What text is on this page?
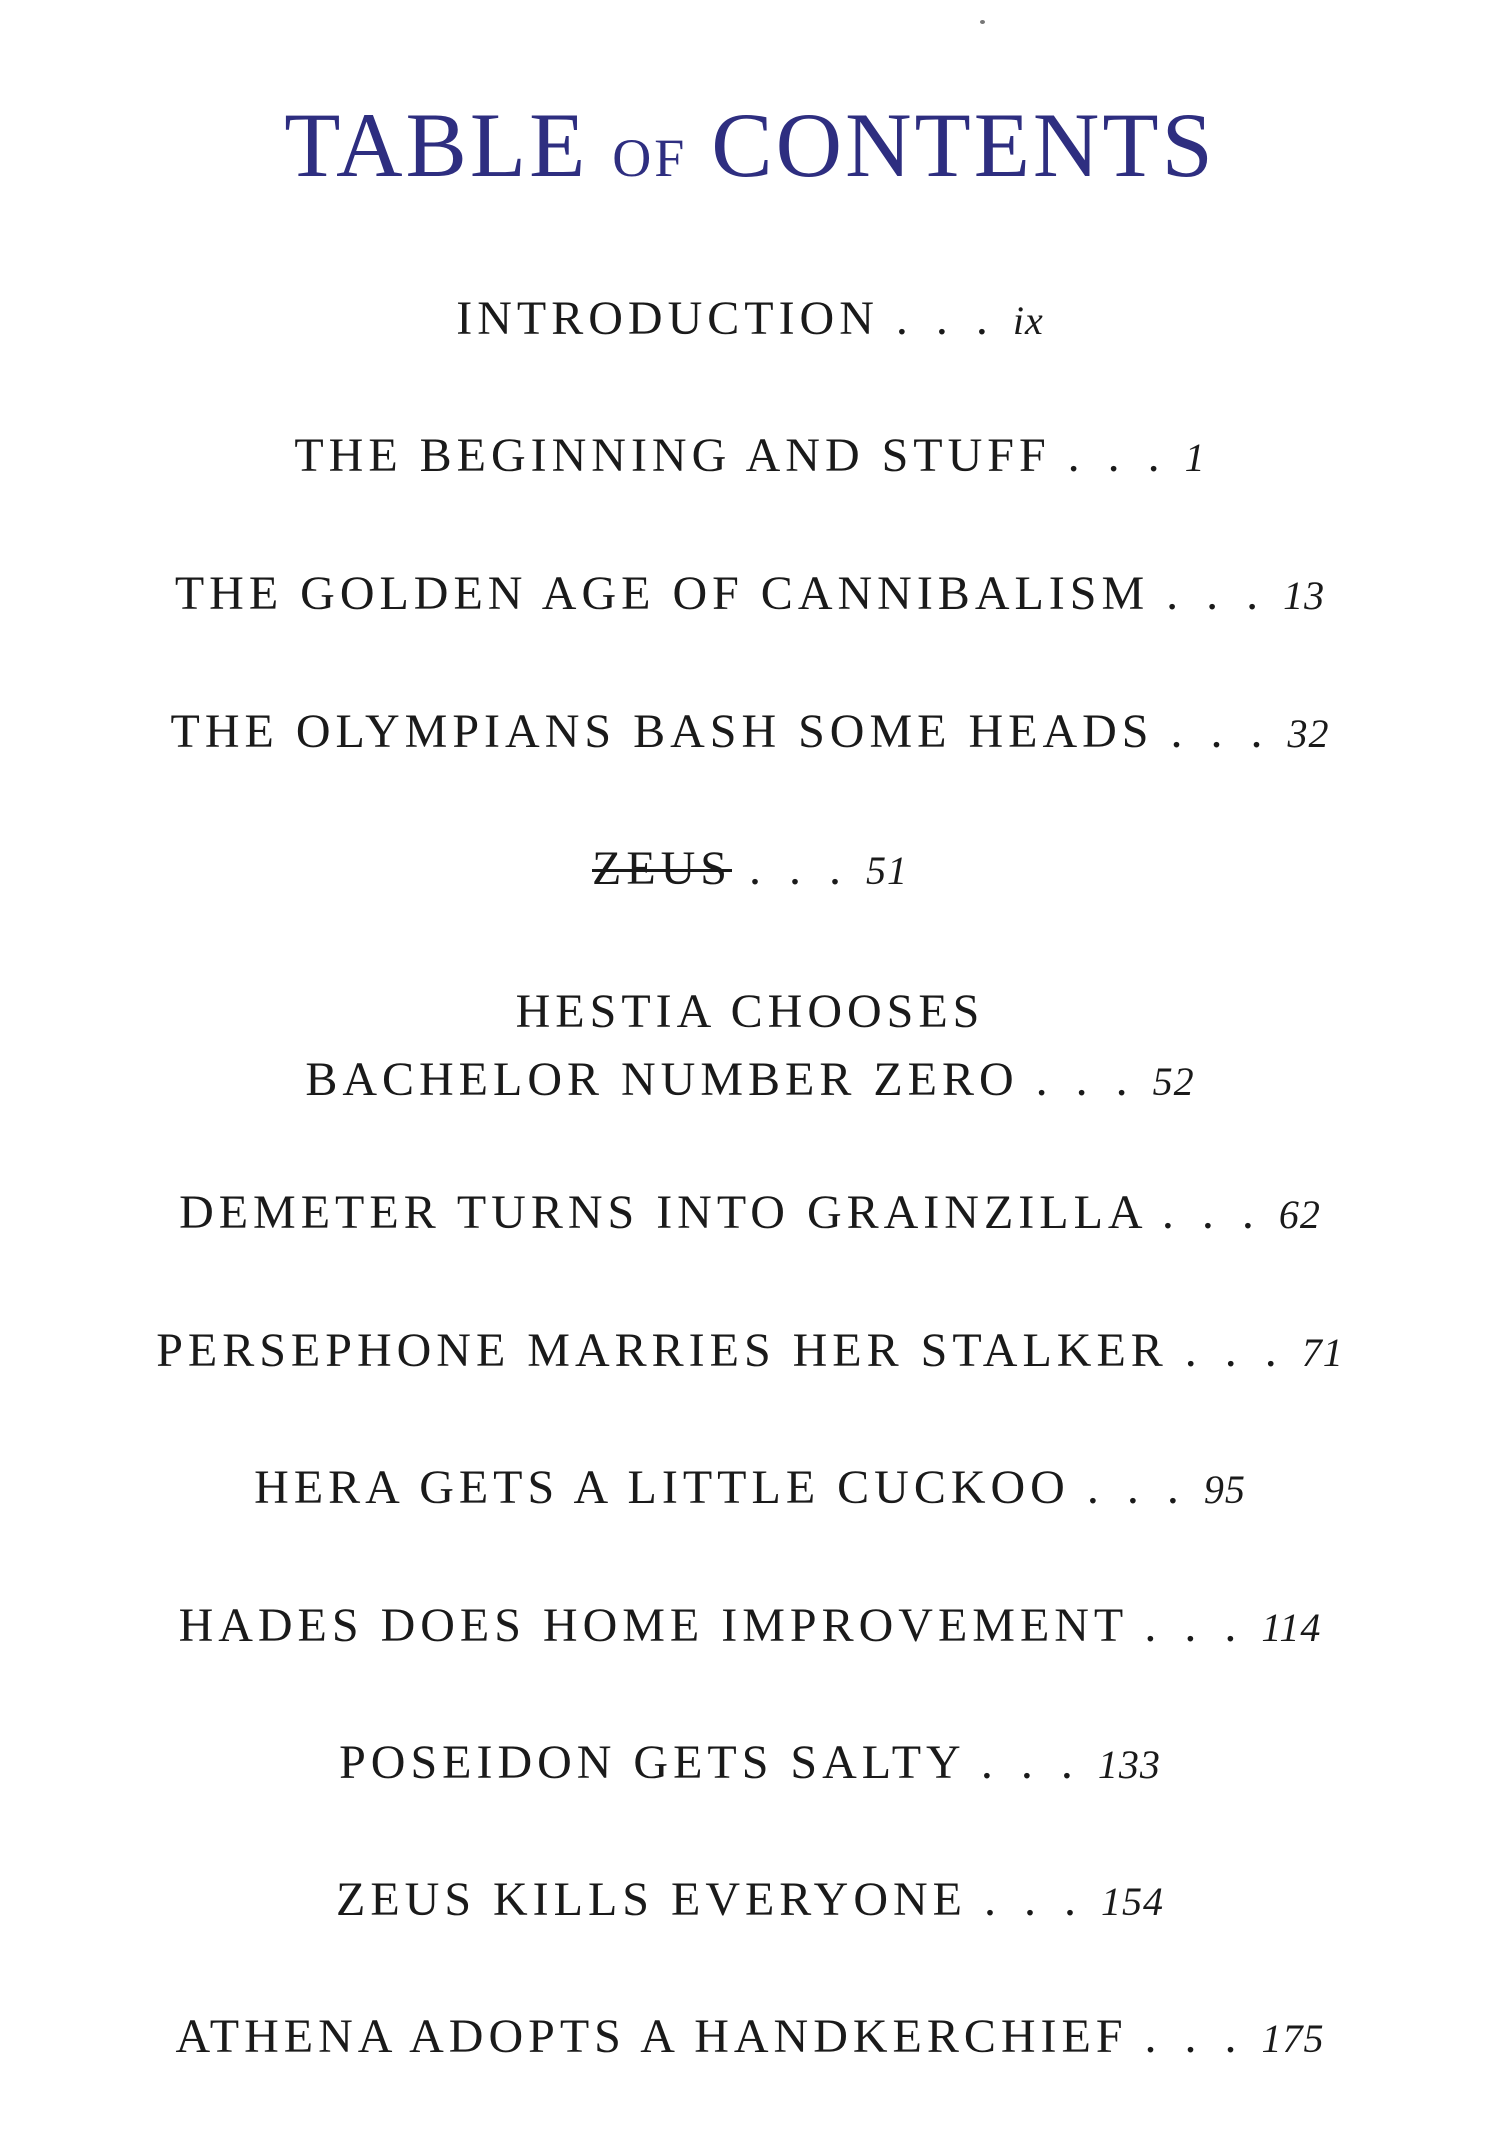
TABLE OF CONTENTS
INTRODUCTION . . . ix
THE BEGINNING AND STUFF . . . 1
THE GOLDEN AGE OF CANNIBALISM . . . 13
THE OLYMPIANS BASH SOME HEADS . . . 32
ZEUS . . . 51
HESTIA CHOOSES
BACHELOR NUMBER ZERO . . . 52
DEMETER TURNS INTO GRAINZILLA . . . 62
PERSEPHONE MARRIES HER STALKER . . . 71
HERA GETS A LITTLE CUCKOO . . . 95
HADES DOES HOME IMPROVEMENT . . . 114
POSEIDON GETS SALTY . . . 133
ZEUS KILLS EVERYONE . . . 154
ATHENA ADOPTS A HANDKERCHIEF . . . 175
